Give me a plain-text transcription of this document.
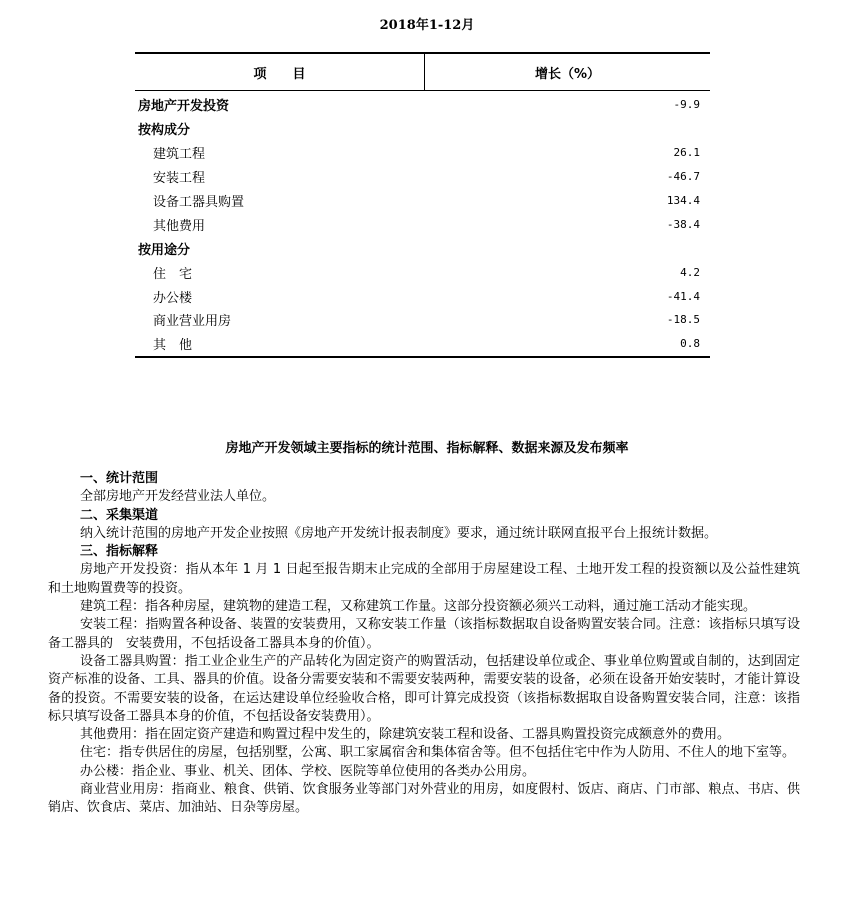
2018年1-12月
项目	增长（%）
房地产开发投资	-9.9
按构成分
建筑工程	26.1
安装工程	-46.7
设备工器具购置	134.4
其他费用	-38.4
按用途分
住　宅	4.2
办公楼	-41.4
商业营业用房	-18.5
其　他	0.8
房地产开发领域主要指标的统计范围、指标解释、数据来源及发布频率
一、统计范围

全部房地产开发经营业法人单位。

二、采集渠道

纳入统计范围的房地产开发企业按照《房地产开发统计报表制度》要求，通过统计联网直报平台上报统计数据。

三、指标解释

房地产开发投资：指从本年 1 月 1 日起至报告期末止完成的全部用于房屋建设工程、土地开发工程的投资额以及公益性建筑和土地购置费等的投资。

建筑工程：指各种房屋，建筑物的建造工程，又称建筑工作量。这部分投资额必须兴工动料，通过施工活动才能实现。

安装工程：指购置各种设备、装置的安装费用，又称安装工作量（该指标数据取自设备购置安装合同。注意：该指标只填写设备工器具的　安装费用，不包括设备工器具本身的价值）。

设备工器具购置：指工业企业生产的产品转化为固定资产的购置活动，包括建设单位或企、事业单位购置或自制的，达到固定资产标准的设备、工具、器具的价值。设备分需要安装和不需要安装两种，需要安装的设备，必须在设备开始安装时，才能计算设备的投资。不需要安装的设备，在运达建设单位经验收合格，即可计算完成投资（该指标数据取自设备购置安装合同，注意：该指标只填写设备工器具本身的价值，不包括设备安装费用）。

其他费用：指在固定资产建造和购置过程中发生的，除建筑安装工程和设备、工器具购置投资完成额意外的费用。

住宅：指专供居住的房屋，包括别墅，公寓、职工家属宿舍和集体宿舍等。但不包括住宅中作为人防用、不住人的地下室等。

办公楼：指企业、事业、机关、团体、学校、医院等单位使用的各类办公用房。

商业营业用房：指商业、粮食、供销、饮食服务业等部门对外营业的用房，如度假村、饭店、商店、门市部、粮点、书店、供销店、饮食店、菜店、加油站、日杂等房屋。
